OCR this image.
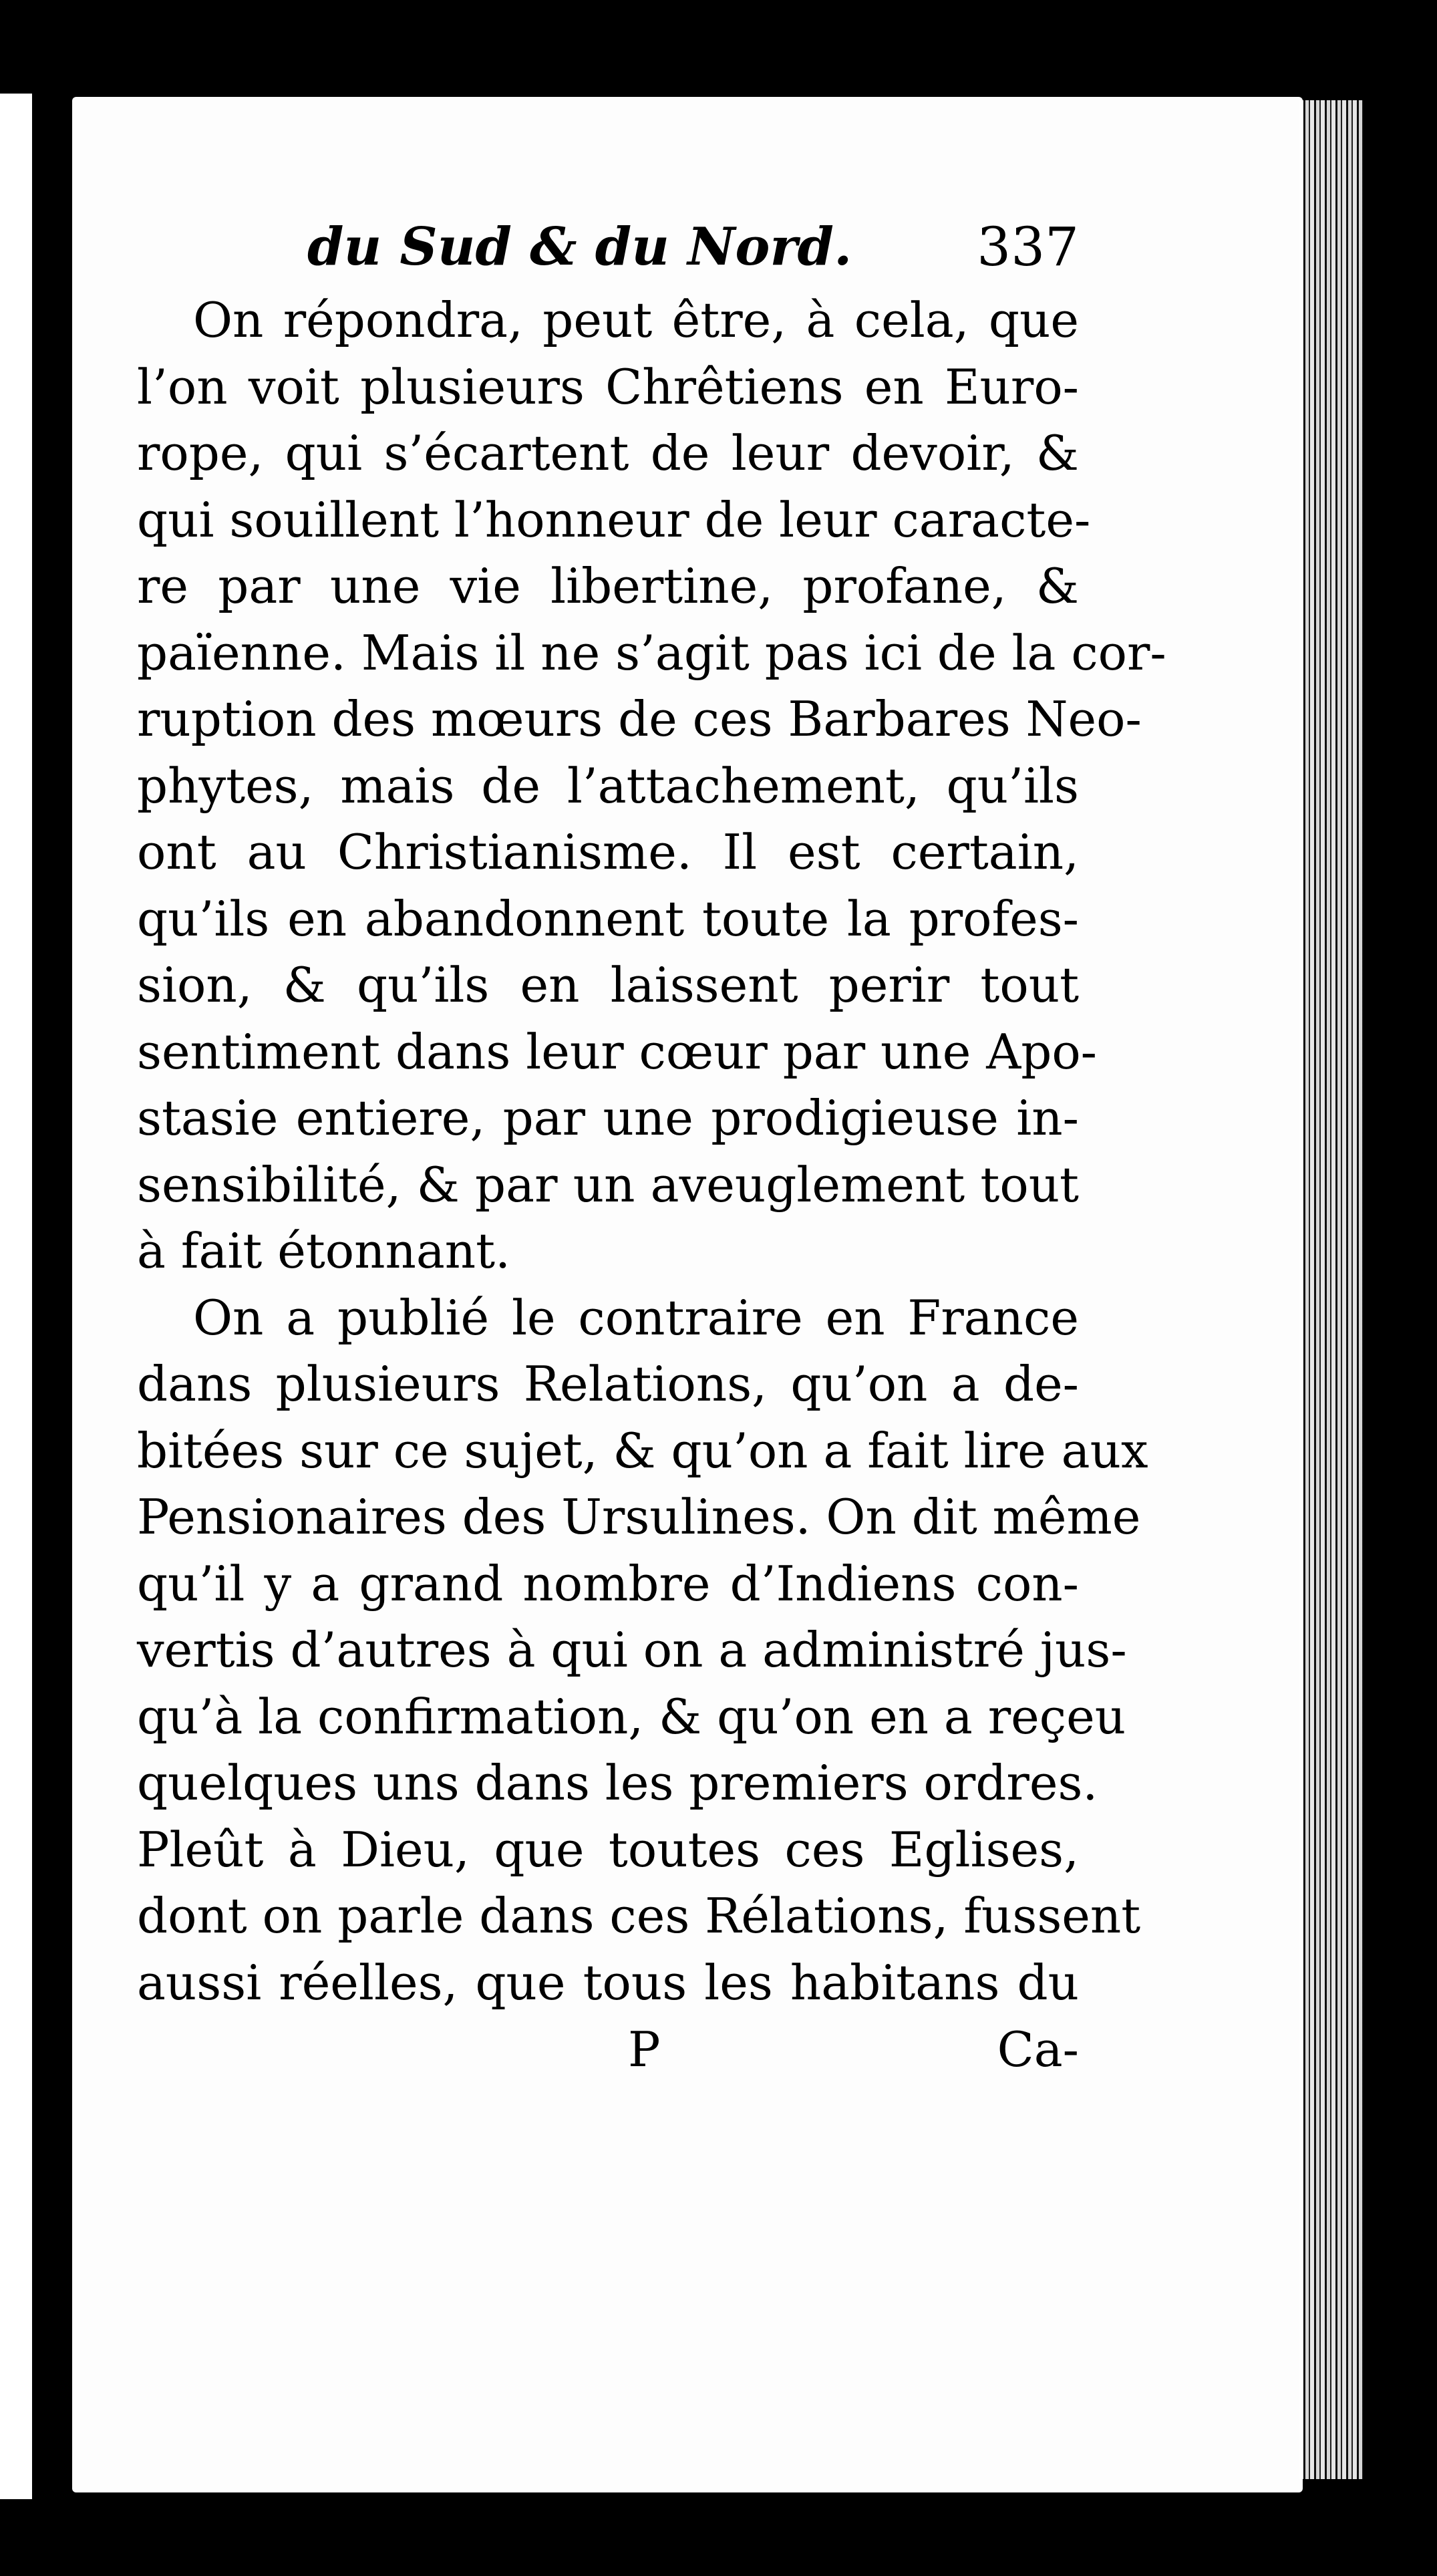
du Sud & du Nord. 337
On répondra, peut être, à cela, que
l’on voit plusieurs Chrêtiens en Euro-
rope, qui s’écartent de leur devoir, &
qui souillent l’honneur de leur caracte-
re par une vie libertine, profane, &
païenne. Mais il ne s’agit pas ici de la cor-
ruption des mœurs de ces Barbares Neo-
phytes, mais de l’attachement, qu’ils
ont au Christianisme. Il est certain,
qu’ils en abandonnent toute la profes-
sion, & qu’ils en laissent perir tout
sentiment dans leur cœur par une Apo-
stasie entiere, par une prodigieuse in-
sensibilité, & par un aveuglement tout
à fait étonnant.
On a publié le contraire en France
dans plusieurs Relations, qu’on a de-
bitées sur ce sujet, & qu’on a fait lire aux
Pensionaires des Ursulines. On dit même
qu’il y a grand nombre d’Indiens con-
vertis d’autres à qui on a administré jus-
qu’à la confirmation, & qu’on en a reçeu
quelques uns dans les premiers ordres.
Pleût à Dieu, que toutes ces Eglises,
dont on parle dans ces Rélations, fussent
aussi réelles, que tous les habitans du
P	Ca-
